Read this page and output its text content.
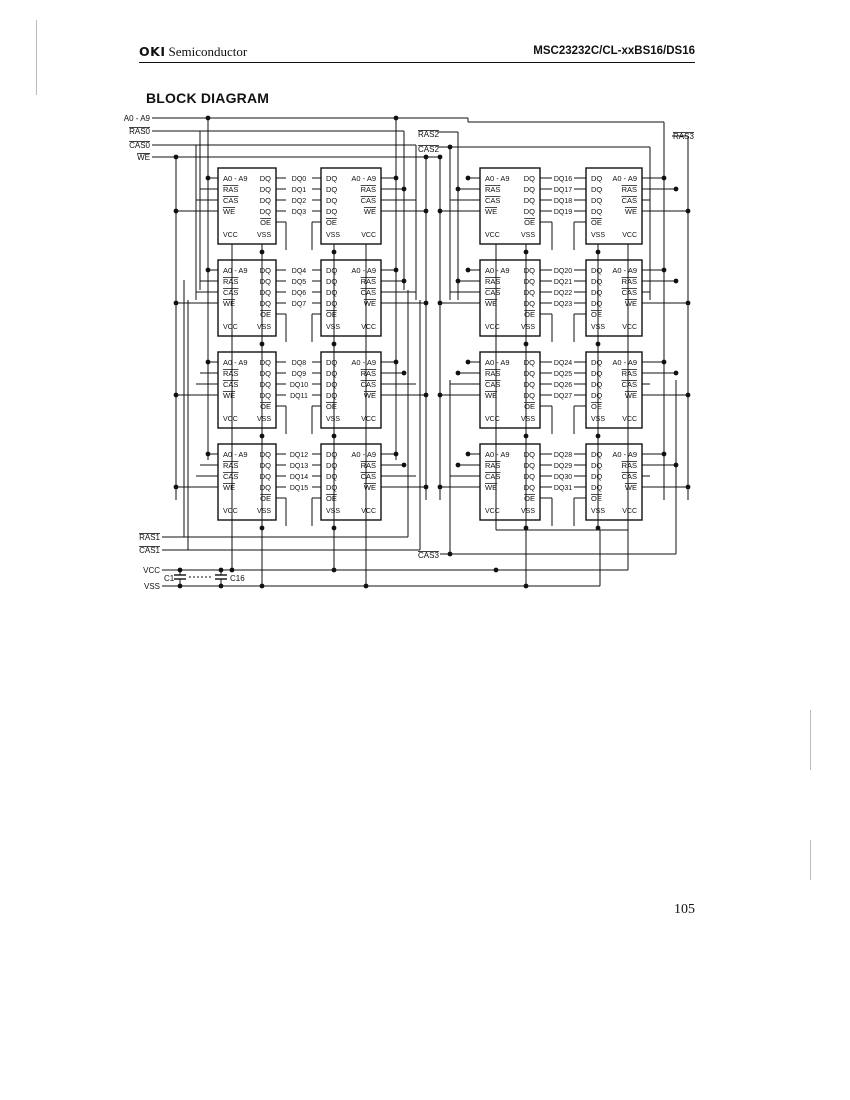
OKI Semiconductor	MSC23232C/CL-xxBS16/DS16
BLOCK DIAGRAM
A0 - A9
RAS0
CAS0
WE
RAS1
CAS1
VCC
VSS
C1	C16
RAS2
CAS2
RAS3
CAS3
A0 - A9
RAS
CAS
WE
VCC
DQ
DQ
DQ
DQ
OE
VSS
DQ
DQ
DQ
DQ
OE
VSS
A0 - A9
RAS
CAS
WE
VCC
A0 - A9
RAS
CAS
WE
VCC
DQ
DQ
DQ
DQ
OE
VSS
DQ
DQ
DQ
DQ
OE
VSS
A0 - A9
RAS
CAS
WE
VCC
DQ0	DQ16
DQ1	DQ17
DQ2	DQ18
DQ3	DQ19
A0 - A9
RAS
CAS
WE
VCC
DQ
DQ
DQ
DQ
OE
VSS
DQ
DQ
DQ
DQ
OE
VSS
A0 - A9
RAS
CAS
WE
VCC
A0 - A9
RAS
CAS
WE
VCC
DQ
DQ
DQ
DQ
OE
VSS
DQ
DQ
DQ
DQ
OE
VSS
A0 - A9
RAS
CAS
WE
VCC
DQ4	DQ20
DQ5	DQ21
DQ6	DQ22
DQ7	DQ23
A0 - A9
RAS
CAS
WE
VCC
DQ
DQ
DQ
DQ
OE
VSS
DQ
DQ
DQ
DQ
OE
VSS
A0 - A9
RAS
CAS
WE
VCC
A0 - A9
RAS
CAS
WE
VCC
DQ
DQ
DQ
DQ
OE
VSS
DQ
DQ
DQ
DQ
OE
VSS
A0 - A9
RAS
CAS
WE
VCC
DQ8	DQ24
DQ9	DQ25
DQ10	DQ26
DQ11	DQ27
A0 - A9
RAS
CAS
WE
VCC
DQ
DQ
DQ
DQ
OE
VSS
DQ
DQ
DQ
DQ
OE
VSS
A0 - A9
RAS
CAS
WE
VCC
A0 - A9
RAS
CAS
WE
VCC
DQ
DQ
DQ
DQ
OE
VSS
DQ
DQ
DQ
DQ
OE
VSS
A0 - A9
RAS
CAS
WE
VCC
DQ12	DQ28
DQ13	DQ29
DQ14	DQ30
DQ15	DQ31
105
